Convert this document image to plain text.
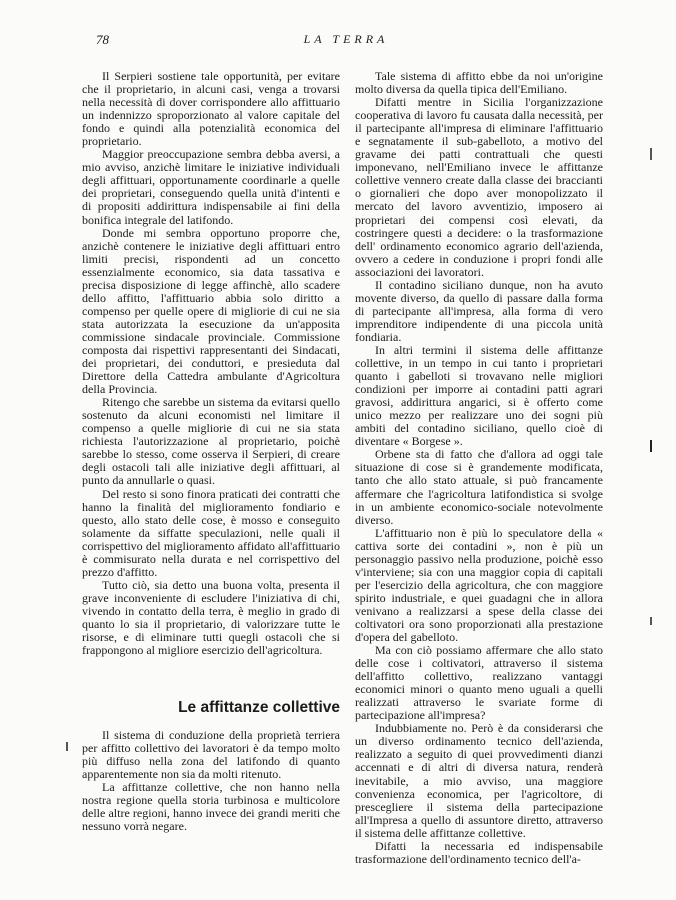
78	LA TERRA

Il Serpieri sostiene tale opportunità, per evitare che il proprietario, in alcuni casi, venga a trovarsi nella necessità di dover corrispondere allo affittuario un indennizzo sproporzionato al valore capitale del fondo e quindi alla potenzialità economica del proprietario.

Maggior preoccupazione sembra debba aversi, a mio avviso, anzichè limitare le iniziative individuali degli affittuari, opportunamente coordinarle a quelle dei proprietari, conseguendo quella unità d'intenti e di propositi addirittura indispensabile ai fini della bonifica integrale del latifondo.

Donde mi sembra opportuno proporre che, anzichè contenere le iniziative degli affittuari entro limiti precisi, rispondenti ad un concetto essenzialmente economico, sia data tassativa e precisa disposizione di legge affinchè, allo scadere dello affitto, l'affittuario abbia solo diritto a compenso per quelle opere di migliorie di cui ne sia stata autorizzata la esecuzione da un'apposita commissione sindacale provinciale. Commissione composta dai rispettivi rappresentanti dei Sindacati, dei proprietari, dei conduttori, e presieduta dal Direttore della Cattedra ambulante d'Agricoltura della Provincia.

Ritengo che sarebbe un sistema da evitarsi quello sostenuto da alcuni economisti nel limitare il compenso a quelle migliorie di cui ne sia stata richiesta l'autorizzazione al proprietario, poichè sarebbe lo stesso, come osserva il Serpieri, di creare degli ostacoli tali alle iniziative degli affittuari, al punto da annullarle o quasi.

Del resto si sono finora praticati dei contratti che hanno la finalità del miglioramento fondiario e questo, allo stato delle cose, è mosso e conseguito solamente da siffatte speculazioni, nelle quali il corrispettivo del miglioramento affidato all'affittuario è commisurato nella durata e nel corrispettivo del prezzo d'affitto.

Tutto ciò, sia detto una buona volta, presenta il grave inconveniente di escludere l'iniziativa di chi, vivendo in contatto della terra, è meglio in grado di quanto lo sia il proprietario, di valorizzare tutte le risorse, e di eliminare tutti quegli ostacoli che si frappongono al migliore esercizio dell'agricoltura.

Le affittanze collettive

Il sistema di conduzione della proprietà terriera per affitto collettivo dei lavoratori è da tempo molto più diffuso nella zona del latifondo di quanto apparentemente non sia da molti ritenuto.

La affittanze collettive, che non hanno nella nostra regione quella storia turbinosa e multicolore delle altre regioni, hanno invece dei grandi meriti che nessuno vorrà negare.

Tale sistema di affitto ebbe da noi un'origine molto diversa da quella tipica dell'Emiliano.

Difatti mentre in Sicilia l'organizzazione cooperativa di lavoro fu causata dalla necessità, per il partecipante all'impresa di eliminare l'affittuario e segnatamente il sub-gabelloto, a motivo del gravame dei patti contrattuali che questi imponevano, nell'Emiliano invece le affittanze collettive vennero create dalla classe dei braccianti o giornalieri che dopo aver monopolizzato il mercato del lavoro avventizio, imposero ai proprietari dei compensi così elevati, da costringere questi a decidere: o la trasformazione dell' ordinamento economico agrario dell'azienda, ovvero a cedere in conduzione i propri fondi alle associazioni dei lavoratori.

Il contadino siciliano dunque, non ha avuto movente diverso, da quello di passare dalla forma di partecipante all'impresa, alla forma di vero imprenditore indipendente di una piccola unità fondiaria.

In altri termini il sistema delle affittanze collettive, in un tempo in cui tanto i proprietari quanto i gabelloti si trovavano nelle migliori condizioni per imporre ai contadini patti agrari gravosi, addirittura angarici, si è offerto come unico mezzo per realizzare uno dei sogni più ambiti del contadino siciliano, quello cioè di diventare « Borgese ».

Orbene sta di fatto che d'allora ad oggi tale situazione di cose si è grandemente modificata, tanto che allo stato attuale, si può francamente affermare che l'agricoltura latifondistica si svolge in un ambiente economico-sociale notevolmente diverso.

L'affittuario non è più lo speculatore della « cattiva sorte dei contadini », non è più un personaggio passivo nella produzione, poichè esso v'interviene; sia con una maggior copia di capitali per l'esercizio della agricoltura, che con maggiore spirito industriale, e quei guadagni che in allora venivano a realizzarsi a spese della classe dei coltivatori ora sono proporzionati alla prestazione d'opera del gabelloto.

Ma con ciò possiamo affermare che allo stato delle cose i coltivatori, attraverso il sistema dell'affitto collettivo, realizzano vantaggi economici minori o quanto meno uguali a quelli realizzati attraverso le svariate forme di partecipazione all'impresa?

Indubbiamente no. Però è da considerarsi che un diverso ordinamento tecnico dell'azienda, realizzato a seguito di quei provvedimenti dianzi accennati e di altri di diversa natura, renderà inevitabile, a mio avviso, una maggiore convenienza economica, per l'agricoltore, di prescegliere il sistema della partecipazione all'Impresa a quello di assuntore diretto, attraverso il sistema delle affittanze collettive.

Difatti la necessaria ed indispensabile trasformazione dell'ordinamento tecnico dell'a-
